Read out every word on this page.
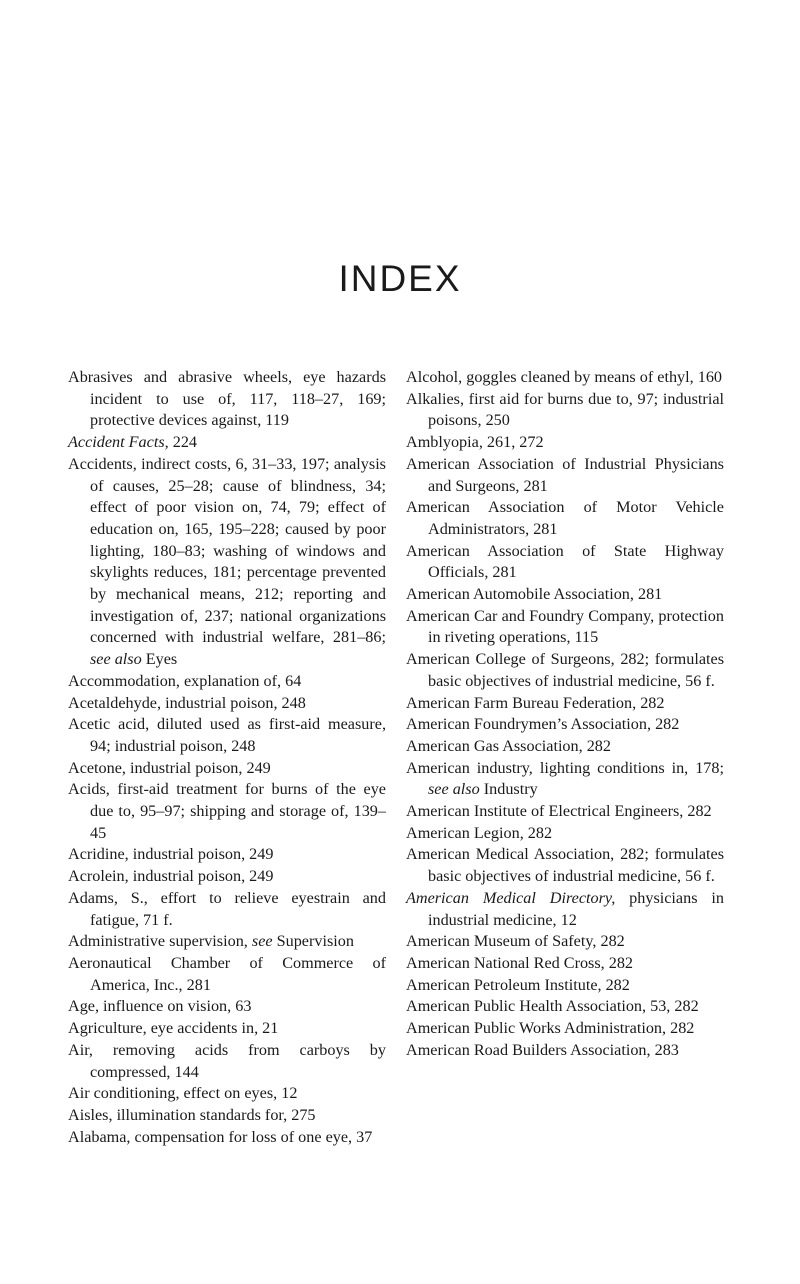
INDEX

Abrasives and abrasive wheels, eye hazards incident to use of, 117, 118–27, 169; protective devices against, 119

Accident Facts, 224

Accidents, indirect costs, 6, 31–33, 197; analysis of causes, 25–28; cause of blindness, 34; effect of poor vision on, 74, 79; effect of education on, 165, 195–228; caused by poor lighting, 180–83; washing of windows and skylights reduces, 181; percentage prevented by mechanical means, 212; reporting and investigation of, 237; national organizations concerned with industrial welfare, 281–86; see also Eyes

Accommodation, explanation of, 64

Acetaldehyde, industrial poison, 248

Acetic acid, diluted used as first-aid measure, 94; industrial poison, 248

Acetone, industrial poison, 249

Acids, first-aid treatment for burns of the eye due to, 95–97; shipping and storage of, 139–45

Acridine, industrial poison, 249

Acrolein, industrial poison, 249

Adams, S., effort to relieve eyestrain and fatigue, 71 f.

Administrative supervision, see Supervision

Aeronautical Chamber of Commerce of America, Inc., 281

Age, influence on vision, 63

Agriculture, eye accidents in, 21

Air, removing acids from carboys by compressed, 144

Air conditioning, effect on eyes, 12

Aisles, illumination standards for, 275

Alabama, compensation for loss of one eye, 37

Alcohol, goggles cleaned by means of ethyl, 160

Alkalies, first aid for burns due to, 97; industrial poisons, 250

Amblyopia, 261, 272

American Association of Industrial Physicians and Surgeons, 281

American Association of Motor Vehicle Administrators, 281

American Association of State Highway Officials, 281

American Automobile Association, 281

American Car and Foundry Company, protection in riveting operations, 115

American College of Surgeons, 282; formulates basic objectives of industrial medicine, 56 f.

American Farm Bureau Federation, 282

American Foundrymen’s Association, 282

American Gas Association, 282

American industry, lighting conditions in, 178; see also Industry

American Institute of Electrical Engineers, 282

American Legion, 282

American Medical Association, 282; formulates basic objectives of industrial medicine, 56 f.

American Medical Directory, physicians in industrial medicine, 12

American Museum of Safety, 282

American National Red Cross, 282

American Petroleum Institute, 282

American Public Health Association, 53, 282

American Public Works Administration, 282

American Road Builders Association, 283
